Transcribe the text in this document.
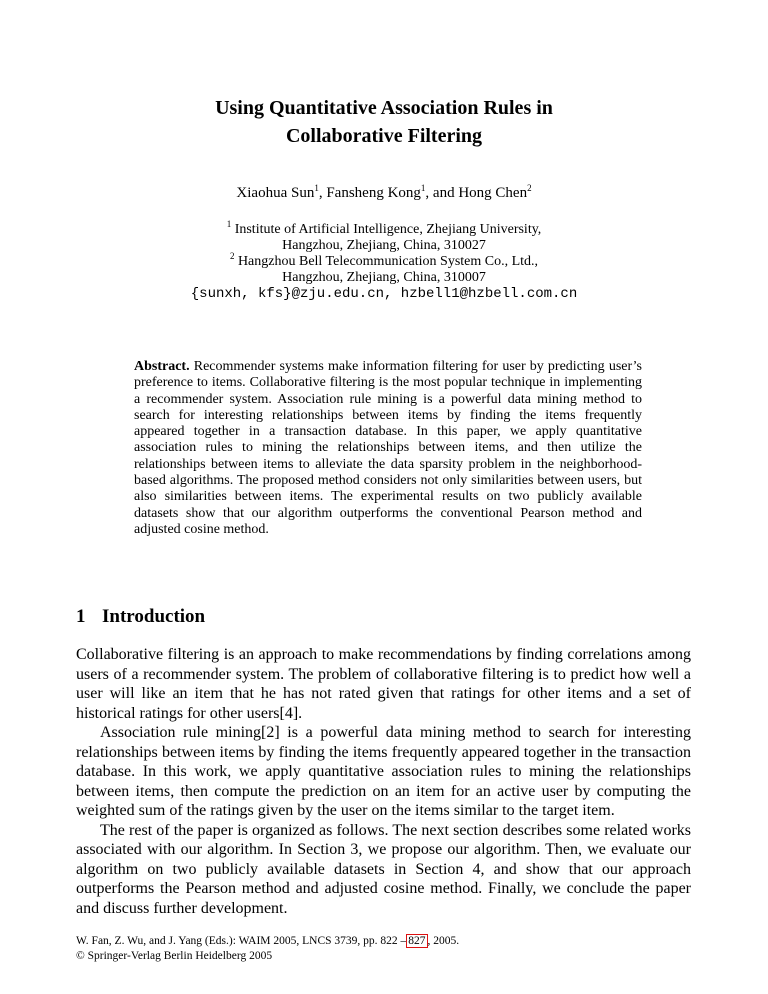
Using Quantitative Association Rules in
Collaborative Filtering
Xiaohua Sun$^1$, Fansheng Kong$^1$, and Hong Chen$^2$
$^1$ Institute of Artificial Intelligence, Zhejiang University,
Hangzhou, Zhejiang, China, 310027
$^2$ Hangzhou Bell Telecommunication System Co., Ltd.,
Hangzhou, Zhejiang, China, 310007
{sunxh, kfs}@zju.edu.cn, hzbell1@hzbell.com.cn
Abstract. Recommender systems make information filtering for user by predicting user’s preference to items. Collaborative filtering is the most popular technique in implementing a recommender system. Association rule mining is a powerful data mining method to search for interesting relationships between items by finding the items frequently appeared together in a transaction database. In this paper, we apply quantitative association rules to mining the relationships between items, and then utilize the relationships between items to alleviate the data sparsity problem in the neighborhood-based algorithms. The proposed method considers not only similarities between users, but also similarities between items. The experimental results on two publicly available datasets show that our algorithm outperforms the conventional Pearson method and adjusted cosine method.
1 Introduction

Collaborative filtering is an approach to make recommendations by finding correlations among users of a recommender system. The problem of collaborative filtering is to predict how well a user will like an item that he has not rated given that ratings for other items and a set of historical ratings for other users[4].

Association rule mining[2] is a powerful data mining method to search for interesting relationships between items by finding the items frequently appeared together in the transaction database. In this work, we apply quantitative association rules to mining the relationships between items, then compute the prediction on an item for an active user by computing the weighted sum of the ratings given by the user on the items similar to the target item.

The rest of the paper is organized as follows. The next section describes some related works associated with our algorithm. In Section 3, we propose our algorithm. Then, we evaluate our algorithm on two publicly available datasets in Section 4, and show that our approach outperforms the Pearson method and adjusted cosine method. Finally, we conclude the paper and discuss further development.

W. Fan, Z. Wu, and J. Yang (Eds.): WAIM 2005, LNCS 3739, pp. 822 – 827 , 2005.
© Springer-Verlag Berlin Heidelberg 2005
